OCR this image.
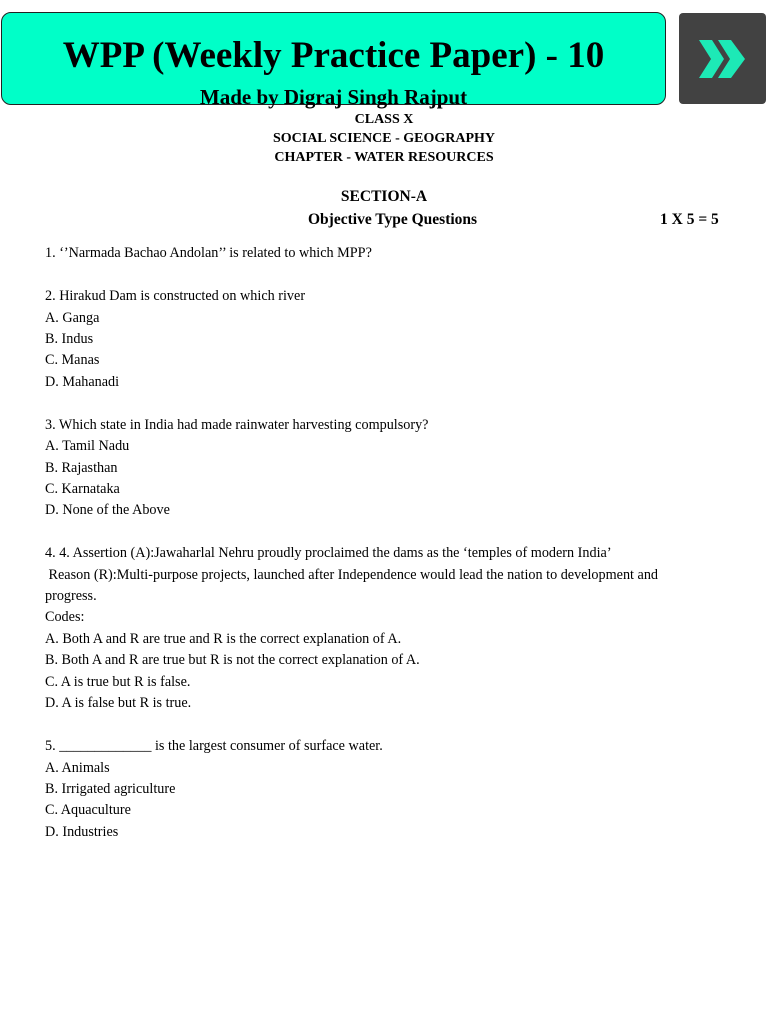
WPP (Weekly Practice Paper) - 10
Made by Digraj Singh Rajput
CLASS X
SOCIAL SCIENCE - GEOGRAPHY
CHAPTER - WATER RESOURCES
SECTION-A
Objective Type Questions	1 X 5 = 5
1. ‘’Narmada Bachao Andolan’’ is related to which MPP?
2. Hirakud Dam is constructed on which river
A. Ganga
B. Indus
C. Manas
D. Mahanadi
3. Which state in India had made rainwater harvesting compulsory?
A. Tamil Nadu
B. Rajasthan
C. Karnataka
D. None of the Above
4. 4. Assertion (A):Jawaharlal Nehru proudly proclaimed the dams as the ‘temples of modern India’
Reason (R):Multi-purpose projects, launched after Independence would lead the nation to development and
progress.
Codes:
A. Both A and R are true and R is the correct explanation of A.
B. Both A and R are true but R is not the correct explanation of A.
C. A is true but R is false.
D. A is false but R is true.
5. _____________ is the largest consumer of surface water.
A. Animals
B. Irrigated agriculture
C. Aquaculture
D. Industries
